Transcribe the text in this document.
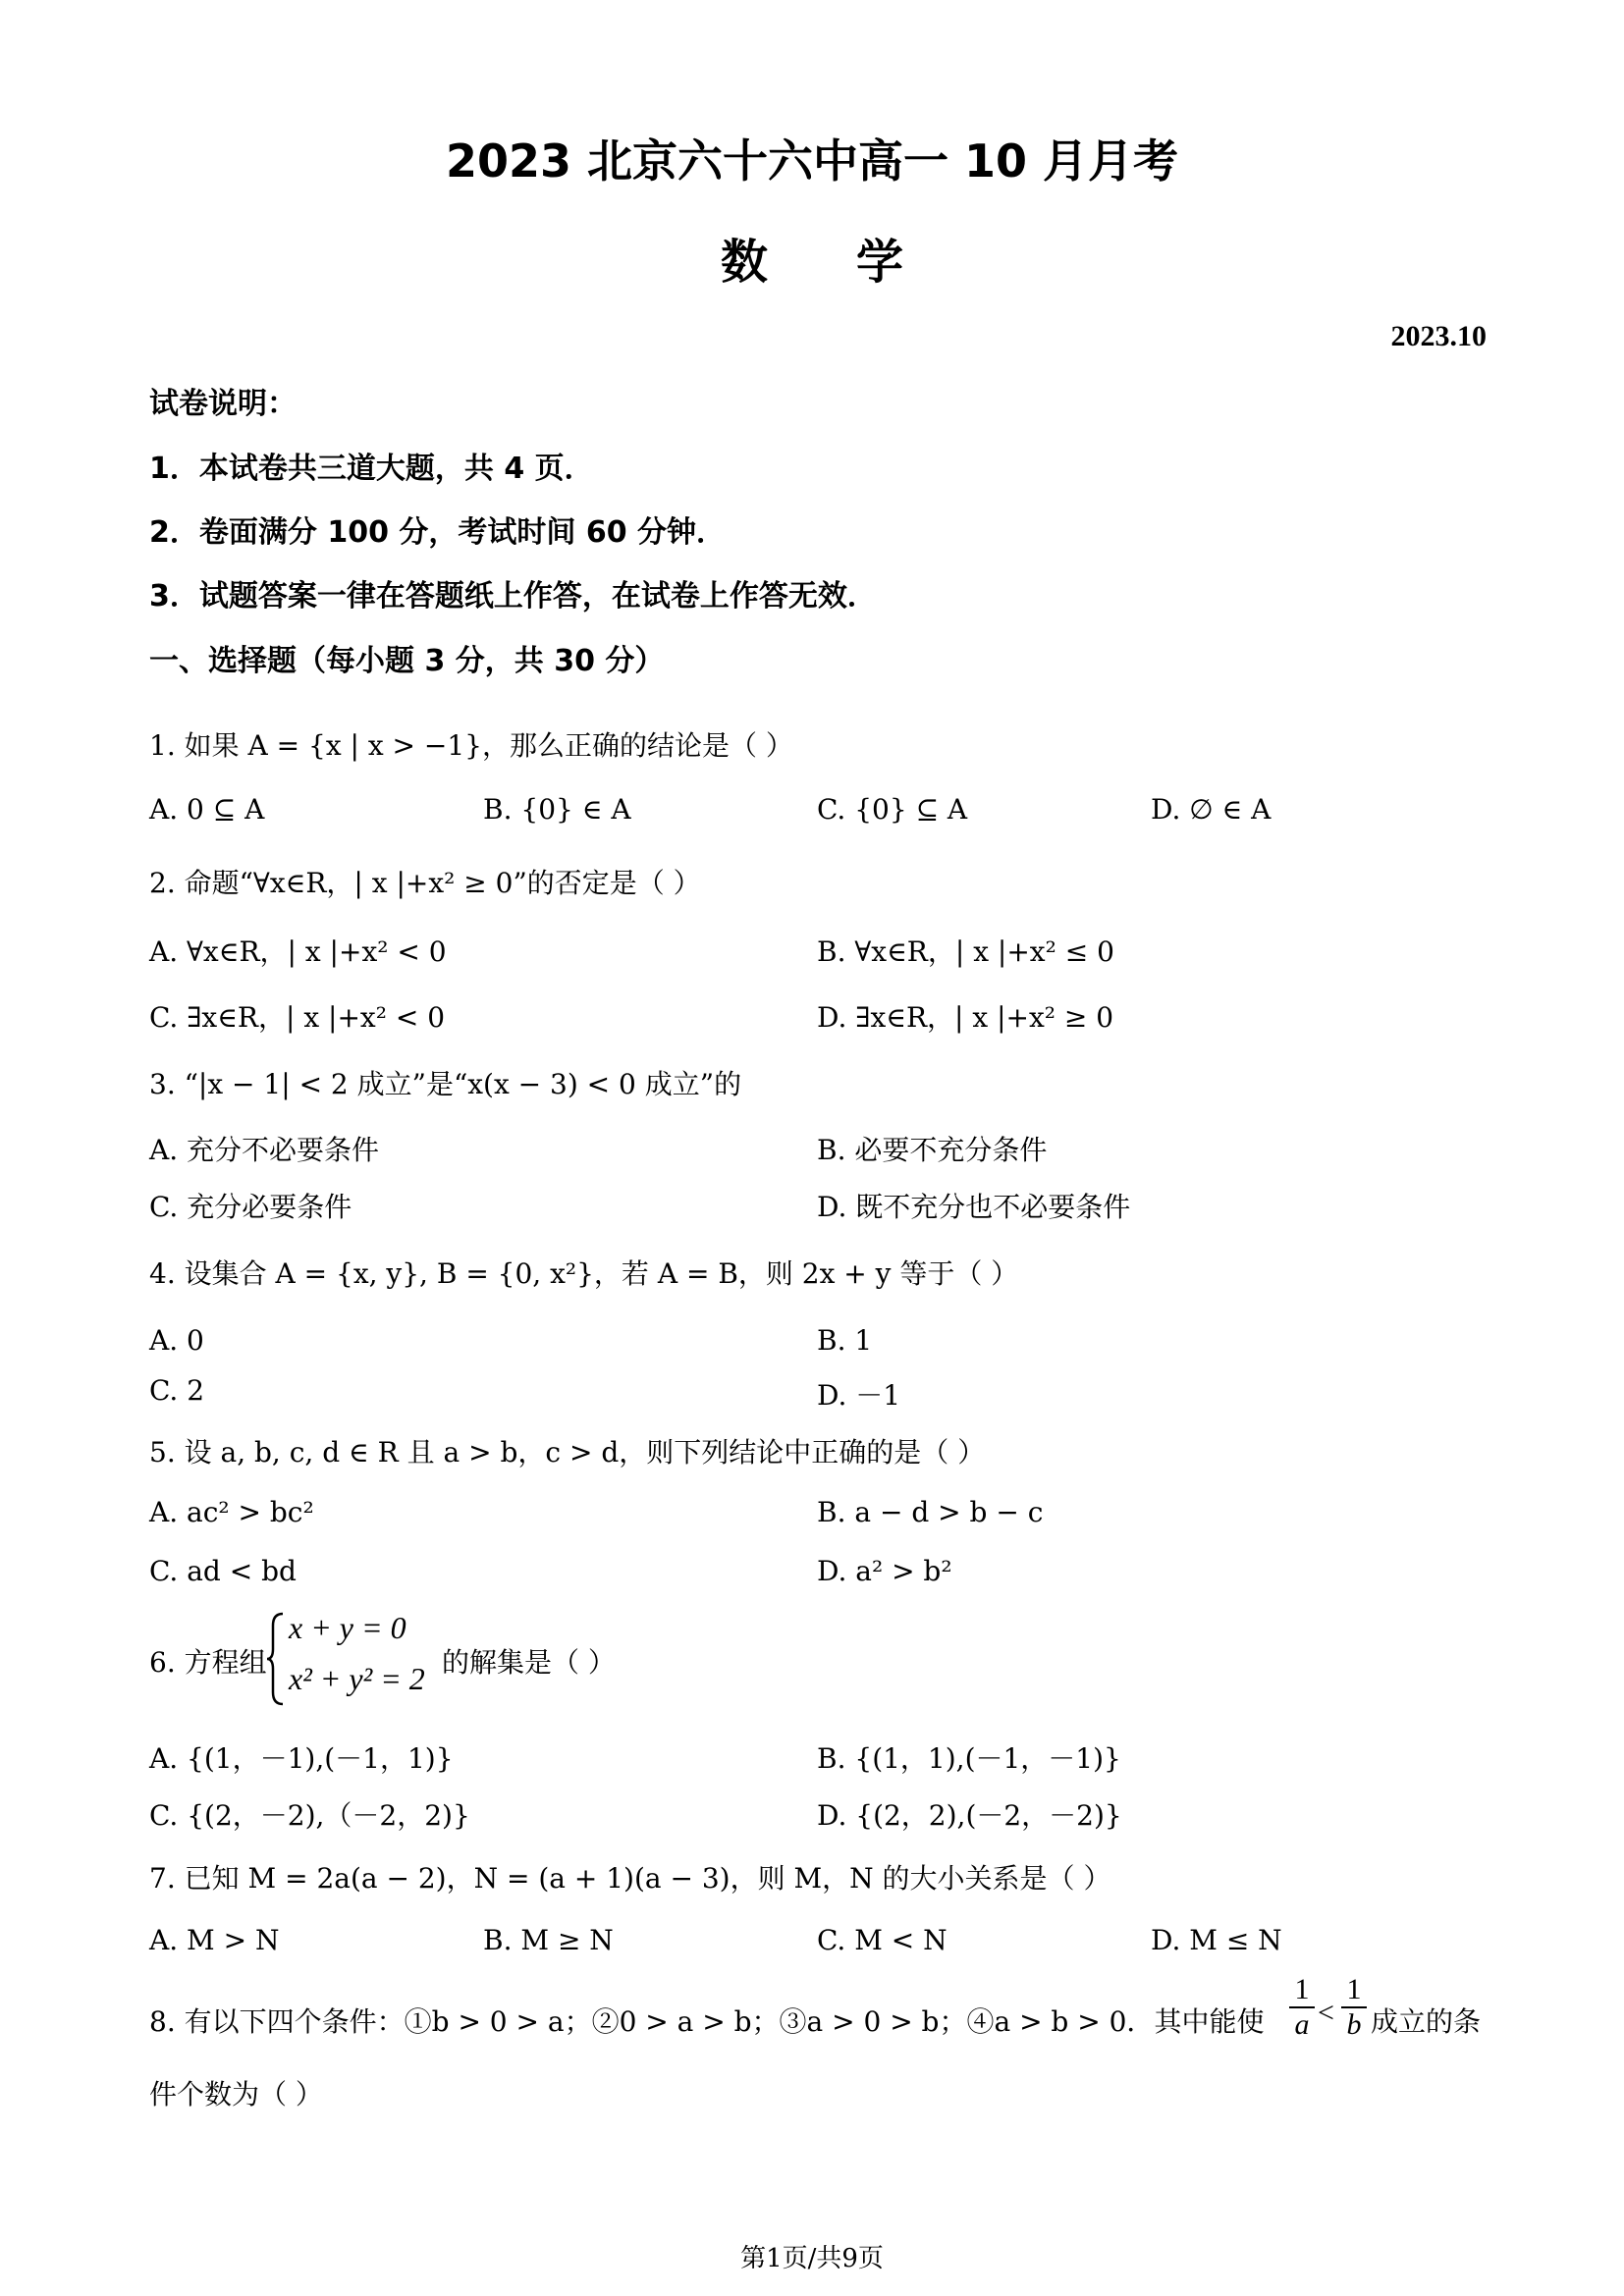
2023 北京六十六中高一 10 月月考
数学
2023.10
试卷说明：
1．本试卷共三道大题，共 4 页．
2．卷面满分 100 分，考试时间 60 分钟．
3．试题答案一律在答题纸上作答，在试卷上作答无效．
一、选择题（每小题 3 分，共 30 分）
1. 如果 A = {x | x > −1}，那么正确的结论是（ ）
A. 0 ⊆ A	B. {0} ∈ A	C. {0} ⊆ A	D. ∅ ∈ A
2. 命题“∀x∈R，| x |+x² ≥ 0”的否定是（ ）
A. ∀x∈R，| x |+x² < 0	B. ∀x∈R，| x |+x² ≤ 0
C. ∃x∈R，| x |+x² < 0	D. ∃x∈R，| x |+x² ≥ 0
3. “|x − 1| < 2 成立”是“x(x − 3) < 0 成立”的
A. 充分不必要条件	B. 必要不充分条件
C. 充分必要条件	D. 既不充分也不必要条件
4. 设集合 A = {x, y}, B = {0, x²}，若 A = B，则 2x + y 等于（ ）
A. 0	B. 1
C. 2	D. －1
5. 设 a, b, c, d ∈ R 且 a > b，c > d，则下列结论中正确的是（ ）
A. ac² > bc²	B. a − d > b − c
C. ad < bd	D. a² > b²
6. 方程组
x + y = 0
x² + y² = 2 的解集是（ ）
A. {(1，－1),(－1，1)}	B. {(1，1),(－1，－1)}
C. {(2，－2),（－2，2)}	D. {(2，2),(－2，－2)}
7. 已知 M = 2a(a − 2)，N = (a + 1)(a − 3)，则 M，N 的大小关系是（ ）
A. M > N	B. M ≥ N	C. M < N	D. M ≤ N
8. 有以下四个条件：①b > 0 > a；②0 > a > b；③a > 0 > b；④a > b > 0．其中能使 $\frac{1}{a} < \frac{1}{b}$ 成立的条
件个数为（ ）
第1页/共9页
